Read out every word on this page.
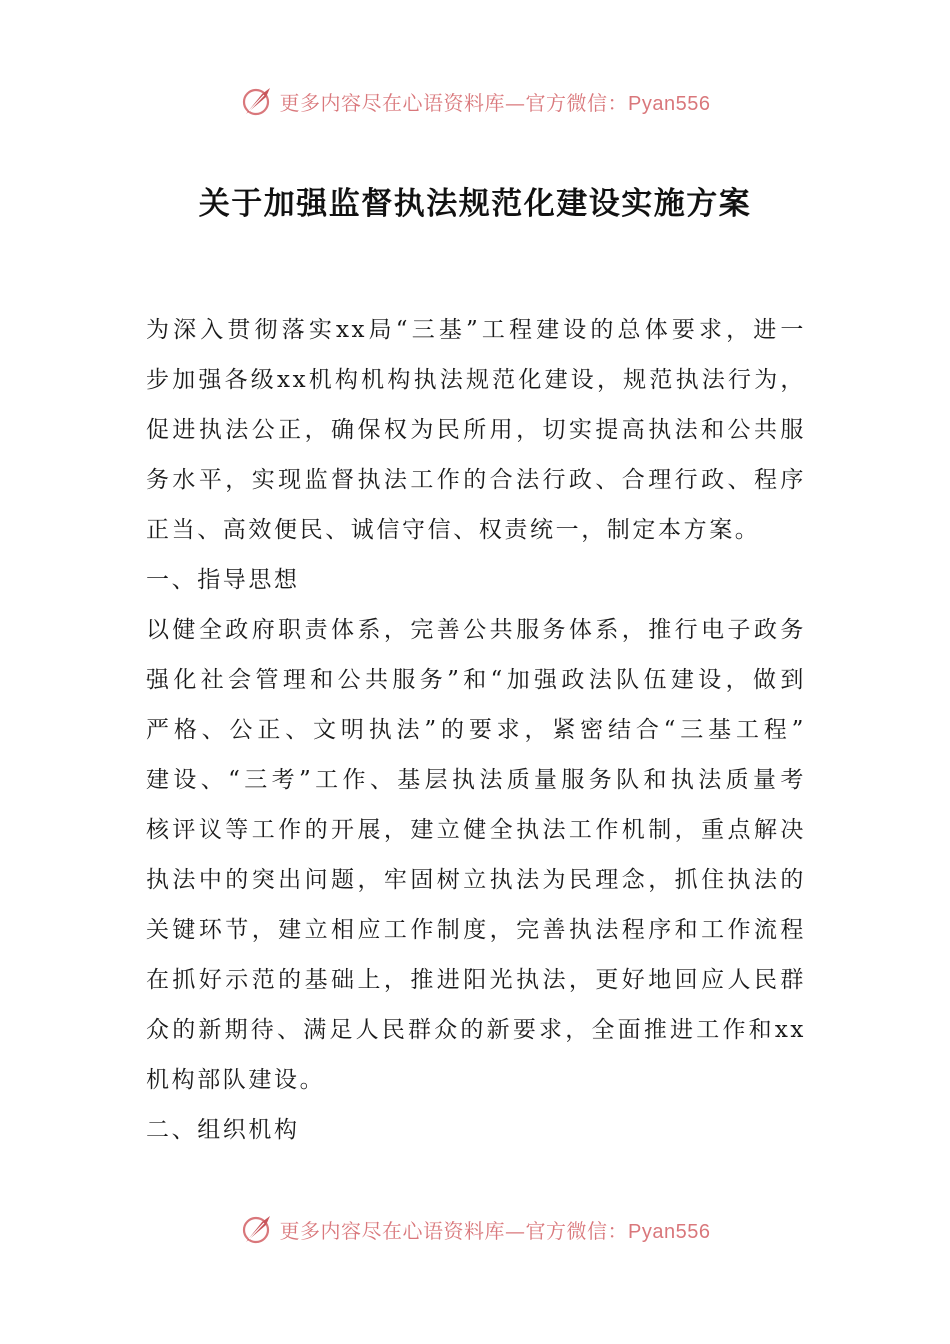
更多内容尽在心语资料库—官方微信：Pyan556
关于加强监督执法规范化建设实施方案
为深入贯彻落实xx局“三基”工程建设的总体要求，进一
步加强各级xx机构机构执法规范化建设，规范执法行为，
促进执法公正，确保权为民所用，切实提高执法和公共服
务水平，实现监督执法工作的合法行政、合理行政、程序
正当、高效便民、诚信守信、权责统一，制定本方案。
一、指导思想
以健全政府职责体系，完善公共服务体系，推行电子政务
强化社会管理和公共服务”和“加强政法队伍建设，做到
严格、公正、文明执法”的要求，紧密结合“三基工程”
建设、“三考”工作、基层执法质量服务队和执法质量考
核评议等工作的开展，建立健全执法工作机制，重点解决
执法中的突出问题，牢固树立执法为民理念，抓住执法的
关键环节，建立相应工作制度，完善执法程序和工作流程
在抓好示范的基础上，推进阳光执法，更好地回应人民群
众的新期待、满足人民群众的新要求，全面推进工作和xx
机构部队建设。
二、组织机构
更多内容尽在心语资料库—官方微信：Pyan556
